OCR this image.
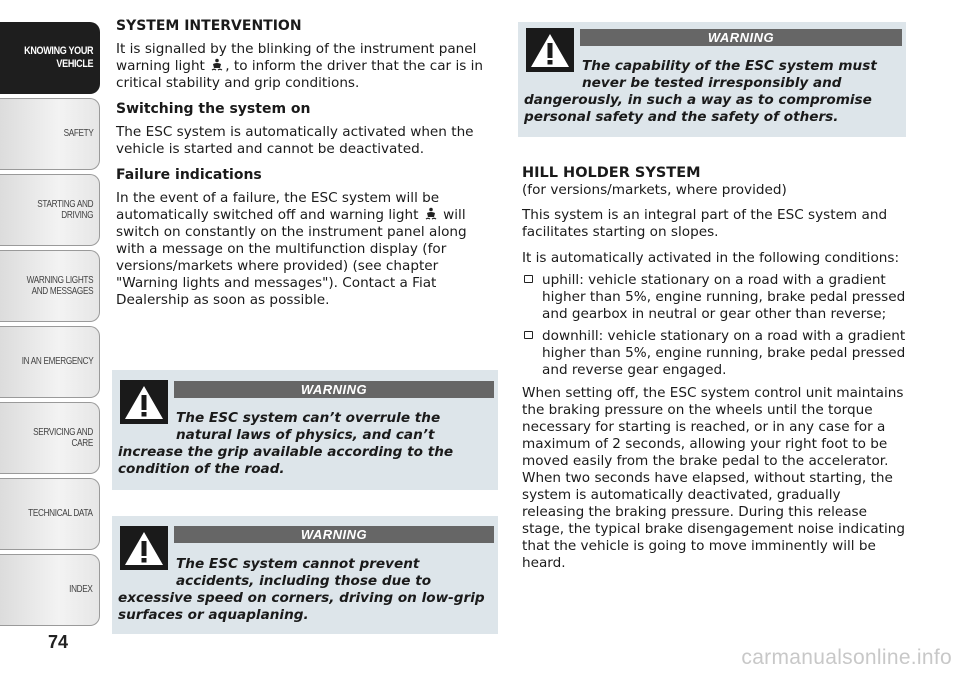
KNOWING YOUR
VEHICLE
SAFETY
STARTING AND
DRIVING
WARNING LIGHTS
AND MESSAGES
IN AN EMERGENCY
SERVICING AND
CARE
TECHNICAL DATA
INDEX
74
carmanualsonline.info
SYSTEM INTERVENTION

It is signalled by the blinking of the instrument panel warning light , to inform the driver that the car is in critical stability and grip conditions.

Switching the system on

The ESC system is automatically activated when the vehicle is started and cannot be deactivated.

Failure indications

In the event of a failure, the ESC system will be automatically switched off and warning light will switch on constantly on the instrument panel along with a message on the multifunction display (for versions/markets where provided) (see chapter "Warning lights and messages"). Contact a Fiat Dealership as soon as possible.

WARNING
The ESC system can’t overrule the
natural laws of physics, and can’t
increase the grip available according to the condition of the road.
WARNING
The ESC system cannot prevent
accidents, including those due to
excessive speed on corners, driving on low-grip surfaces or aquaplaning.
WARNING
The capability of the ESC system must
never be tested irresponsibly and
dangerously, in such a way as to compromise personal safety and the safety of others.
HILL HOLDER SYSTEM

(for versions/markets, where provided)

This system is an integral part of the ESC system and facilitates starting on slopes.

It is automatically activated in the following conditions:

uphill: vehicle stationary on a road with a gradient higher than 5%, engine running, brake pedal pressed and gearbox in neutral or gear other than reverse;
downhill: vehicle stationary on a road with a gradient higher than 5%, engine running, brake pedal pressed and reverse gear engaged.

When setting off, the ESC system control unit maintains the braking pressure on the wheels until the torque necessary for starting is reached, or in any case for a maximum of 2 seconds, allowing your right foot to be moved easily from the brake pedal to the accelerator. When two seconds have elapsed, without starting, the system is automatically deactivated, gradually releasing the braking pressure. During this release stage, the typical brake disengagement noise indicating that the vehicle is going to move imminently will be heard.
